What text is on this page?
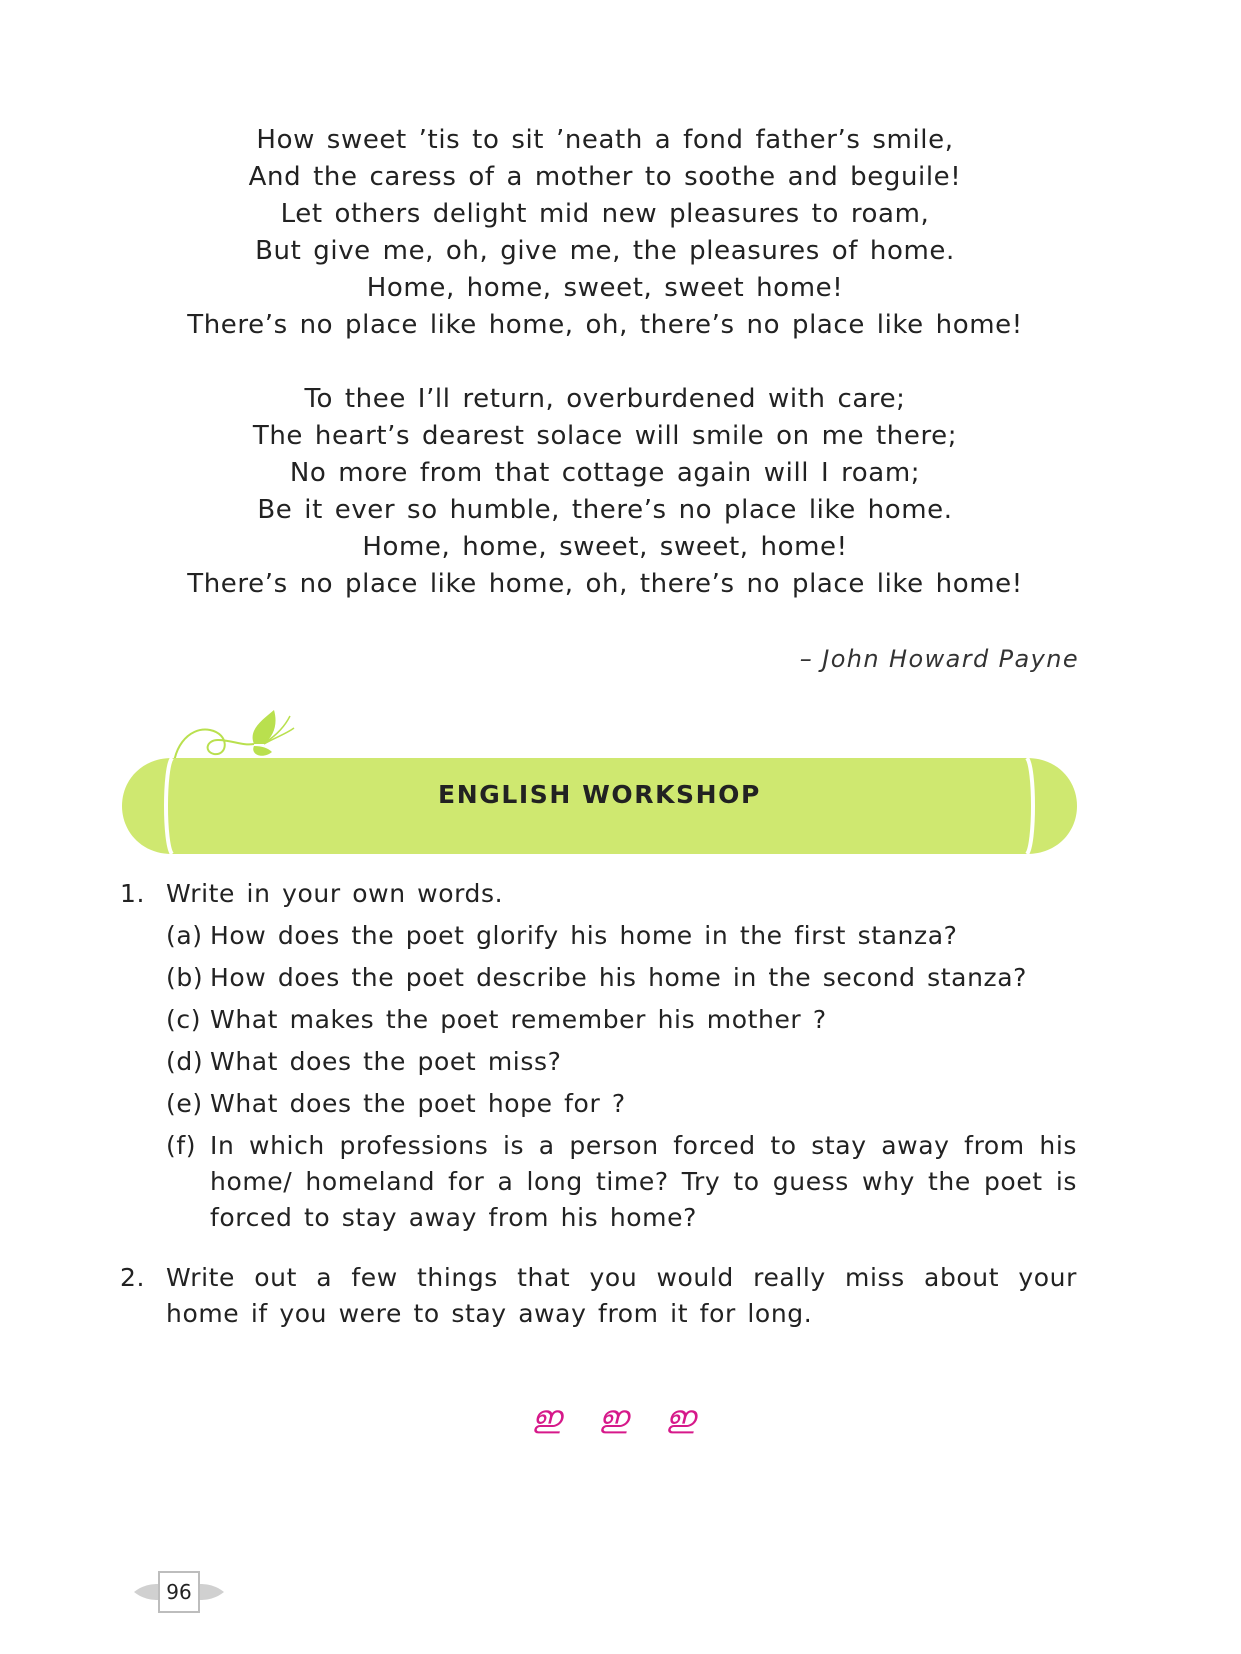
How sweet ’tis to sit ’neath a fond father’s smile,
And the caress of a mother to soothe and beguile!
Let others delight mid new pleasures to roam,
But give me, oh, give me, the pleasures of home.
Home, home, sweet, sweet home!
There’s no place like home, oh, there’s no place like home!
To thee I’ll return, overburdened with care;
The heart’s dearest solace will smile on me there;
No more from that cottage again will I roam;
Be it ever so humble, there’s no place like home.
Home, home, sweet, sweet, home!
There’s no place like home, oh, there’s no place like home!
– John Howard Payne
ENGLISH WORKSHOP
1. Write in your own words.
(a) How does the poet glorify his home in the first stanza?
(b) How does the poet describe his home in the second stanza?
(c) What makes the poet remember his mother ?
(d) What does the poet miss?
(e) What does the poet hope for ?
(f) In which professions is a person forced to stay away from his home/ homeland for a long time? Try to guess why the poet is forced to stay away from his home?
2. Write out a few things that you would really miss about your home if you were to stay away from it for long.
ഇ ഇ ഇ
96
